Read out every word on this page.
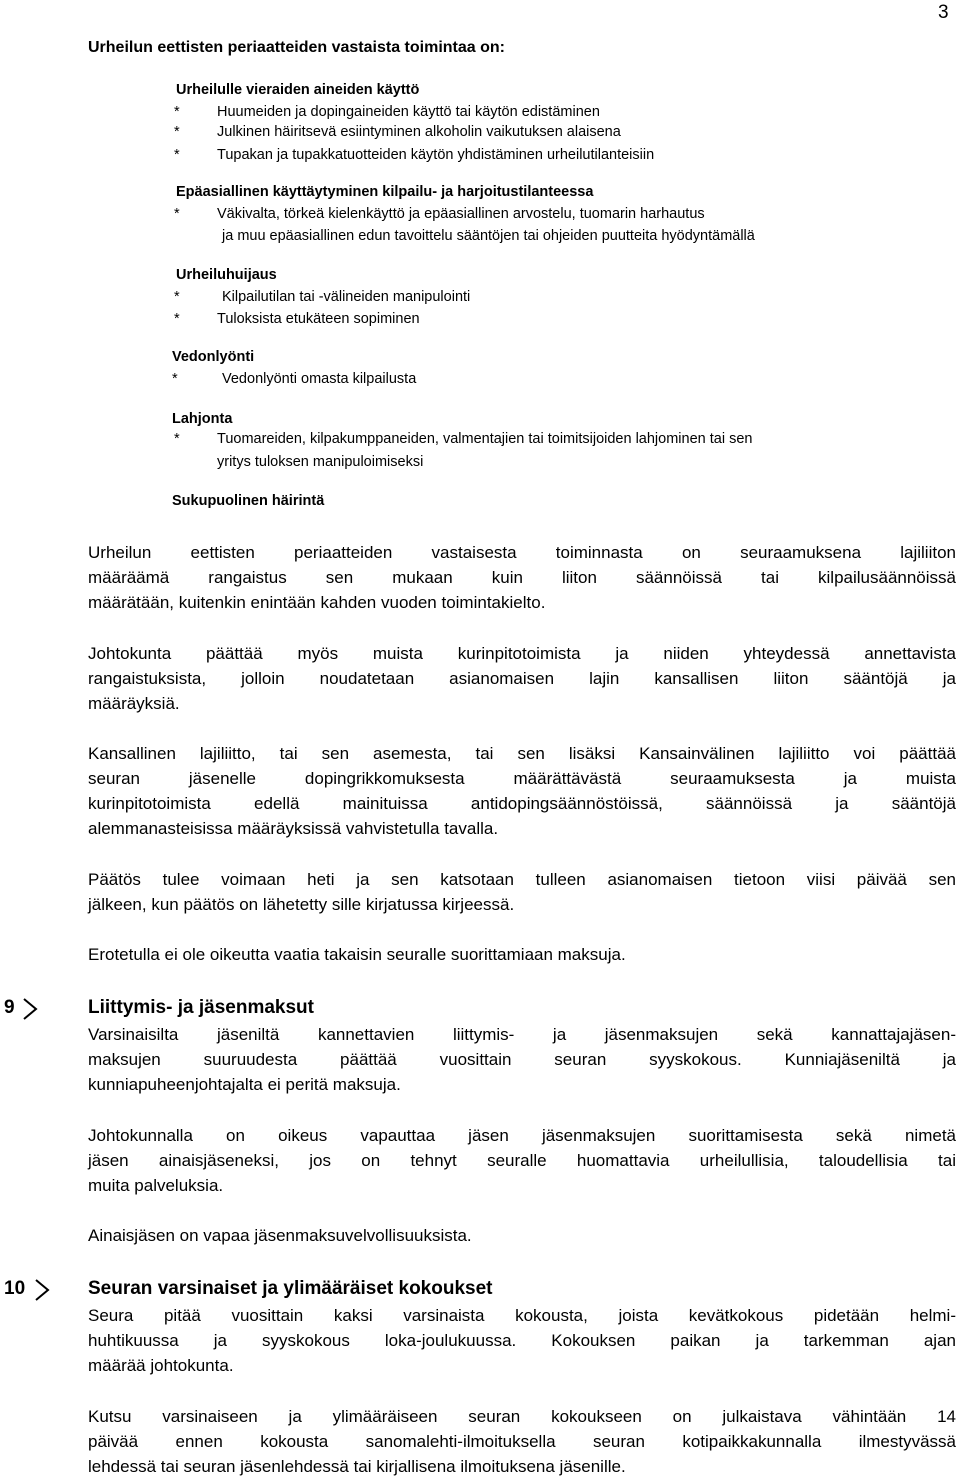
3
Urheilun eettisten periaatteiden vastaista toimintaa on:
Urheilulle vieraiden aineiden käyttö
*	Huumeiden ja dopingaineiden käyttö tai käytön edistäminen
*	Julkinen häiritsevä esiintyminen alkoholin vaikutuksen alaisena
*	Tupakan ja tupakkatuotteiden käytön yhdistäminen urheilutilanteisiin
Epäasiallinen käyttäytyminen kilpailu- ja harjoitustilanteessa
*	Väkivalta, törkeä kielenkäyttö ja epäasiallinen arvostelu, tuomarin harhautus
ja muu epäasiallinen edun tavoittelu sääntöjen tai ohjeiden puutteita hyödyntämällä
Urheiluhuijaus
*	Kilpailutilan tai -välineiden manipulointi
*	Tuloksista etukäteen sopiminen
Vedonlyönti
*	Vedonlyönti omasta kilpailusta
Lahjonta
*	Tuomareiden, kilpakumppaneiden, valmentajien tai toimitsijoiden lahjominen tai sen
yritys tuloksen manipuloimiseksi
Sukupuolinen häirintä
Urheilun eettisten periaatteiden vastaisesta toiminnasta on seuraamuksena lajiliiton
määräämä rangaistus sen mukaan kuin liiton säännöissä tai kilpailusäännöissä
määrätään, kuitenkin enintään kahden vuoden toimintakielto.
Johtokunta päättää myös muista kurinpitotoimista ja niiden yhteydessä annettavista
rangaistuksista, jolloin noudatetaan asianomaisen lajin kansallisen liiton sääntöjä ja
määräyksiä.
Kansallinen lajiliitto, tai sen asemesta, tai sen lisäksi Kansainvälinen lajiliitto voi päättää
seuran jäsenelle dopingrikkomuksesta määrättävästä seuraamuksesta ja muista
kurinpitotoimista edellä mainituissa antidopingsäännöstöissä, säännöissä ja sääntöjä
alemmanasteisissa määräyksissä vahvistetulla tavalla.
Päätös tulee voimaan heti ja sen katsotaan tulleen asianomaisen tietoon viisi päivää sen
jälkeen, kun päätös on lähetetty sille kirjatussa kirjeessä.
Erotetulla ei ole oikeutta vaatia takaisin seuralle suorittamiaan maksuja.
9	Liittymis- ja jäsenmaksut
Varsinaisilta jäseniltä kannettavien liittymis- ja jäsenmaksujen sekä kannattajajäsen-
maksujen suuruudesta päättää vuosittain seuran syyskokous. Kunniajäseniltä ja
kunniapuheenjohtajalta ei peritä maksuja.
Johtokunnalla on oikeus vapauttaa jäsen jäsenmaksujen suorittamisesta sekä nimetä
jäsen ainaisjäseneksi, jos on tehnyt seuralle huomattavia urheilullisia, taloudellisia tai
muita palveluksia.
Ainaisjäsen on vapaa jäsenmaksuvelvollisuuksista.
10	Seuran varsinaiset ja ylimääräiset kokoukset
Seura pitää vuosittain kaksi varsinaista kokousta, joista kevätkokous pidetään helmi-
huhtikuussa ja syyskokous loka-joulukuussa. Kokouksen paikan ja tarkemman ajan
määrää johtokunta.
Kutsu varsinaiseen ja ylimääräiseen seuran kokoukseen on julkaistava vähintään 14
päivää ennen kokousta sanomalehti-ilmoituksella seuran kotipaikkakunnalla ilmestyvässä
lehdessä tai seuran jäsenlehdessä tai kirjallisena ilmoituksena jäsenille.
